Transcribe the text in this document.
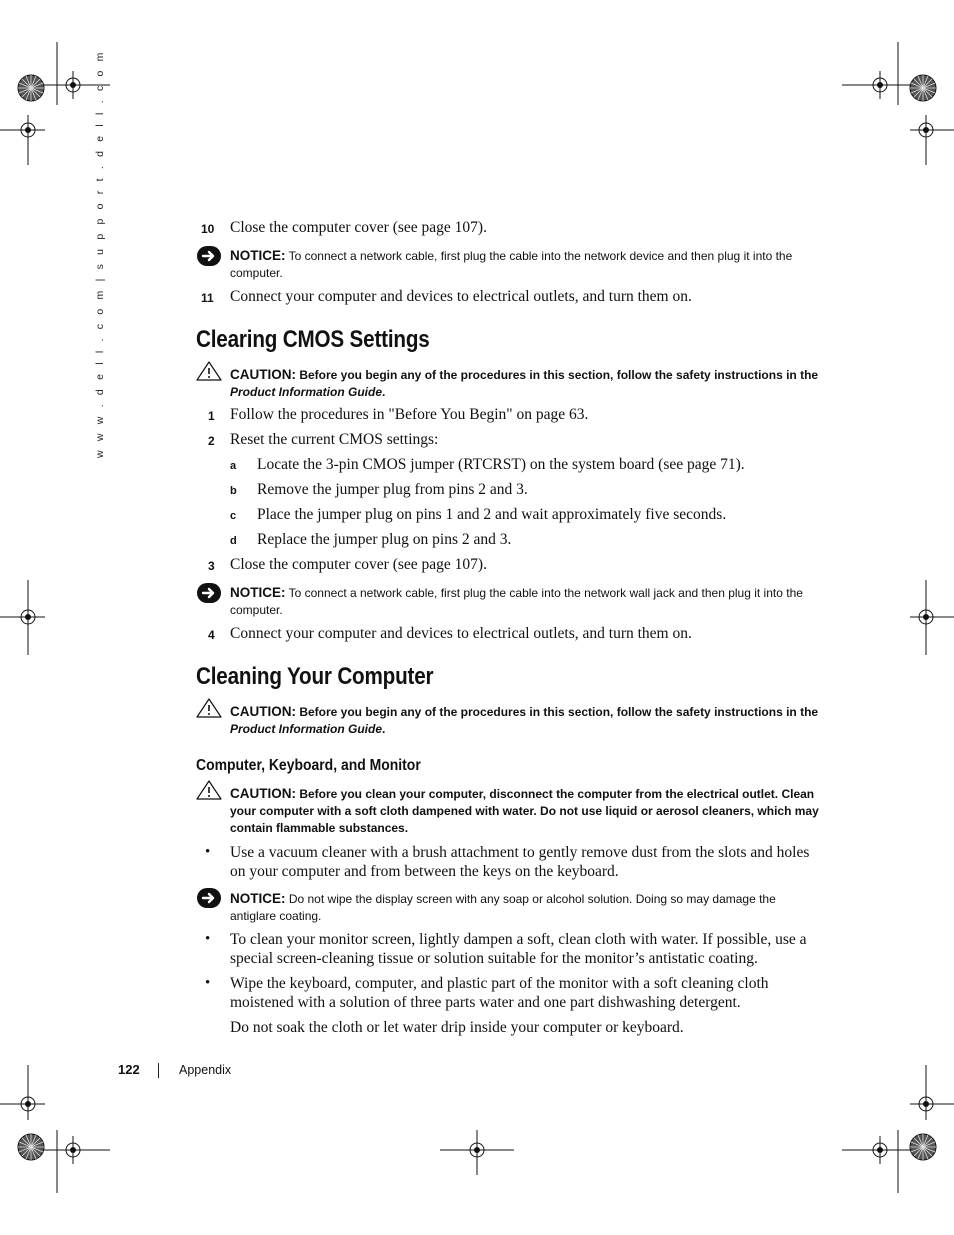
w w w . d e l l . c o m | s u p p o r t . d e l l . c o m	10 Close the computer cover (see page 107).
NOTICE: To connect a network cable, first plug the cable into the network device and then plug it into the computer.
11 Connect your computer and devices to electrical outlets, and turn them on.
Clearing CMOS Settings
CAUTION: Before you begin any of the procedures in this section, follow the safety instructions in the Product Information Guide.
1 Follow the procedures in "Before You Begin" on page 63.
2 Reset the current CMOS settings:
a Locate the 3-pin CMOS jumper (RTCRST) on the system board (see page 71).
b Remove the jumper plug from pins 2 and 3.
c Place the jumper plug on pins 1 and 2 and wait approximately five seconds.
d Replace the jumper plug on pins 2 and 3.
3 Close the computer cover (see page 107).
NOTICE: To connect a network cable, first plug the cable into the network wall jack and then plug it into the computer.
4 Connect your computer and devices to electrical outlets, and turn them on.
Cleaning Your Computer
CAUTION: Before you begin any of the procedures in this section, follow the safety instructions in the Product Information Guide.
Computer, Keyboard, and Monitor
CAUTION: Before you clean your computer, disconnect the computer from the electrical outlet. Clean your computer with a soft cloth dampened with water. Do not use liquid or aerosol cleaners, which may contain flammable substances.
• Use a vacuum cleaner with a brush attachment to gently remove dust from the slots and holes on your computer and from between the keys on the keyboard.
NOTICE: Do not wipe the display screen with any soap or alcohol solution. Doing so may damage the antiglare coating.
• To clean your monitor screen, lightly dampen a soft, clean cloth with water. If possible, use a special screen-cleaning tissue or solution suitable for the monitor’s antistatic coating.
• Wipe the keyboard, computer, and plastic part of the monitor with a soft cleaning cloth moistened with a solution of three parts water and one part dishwashing detergent.
Do not soak the cloth or let water drip inside your computer or keyboard.
122	Appendix
